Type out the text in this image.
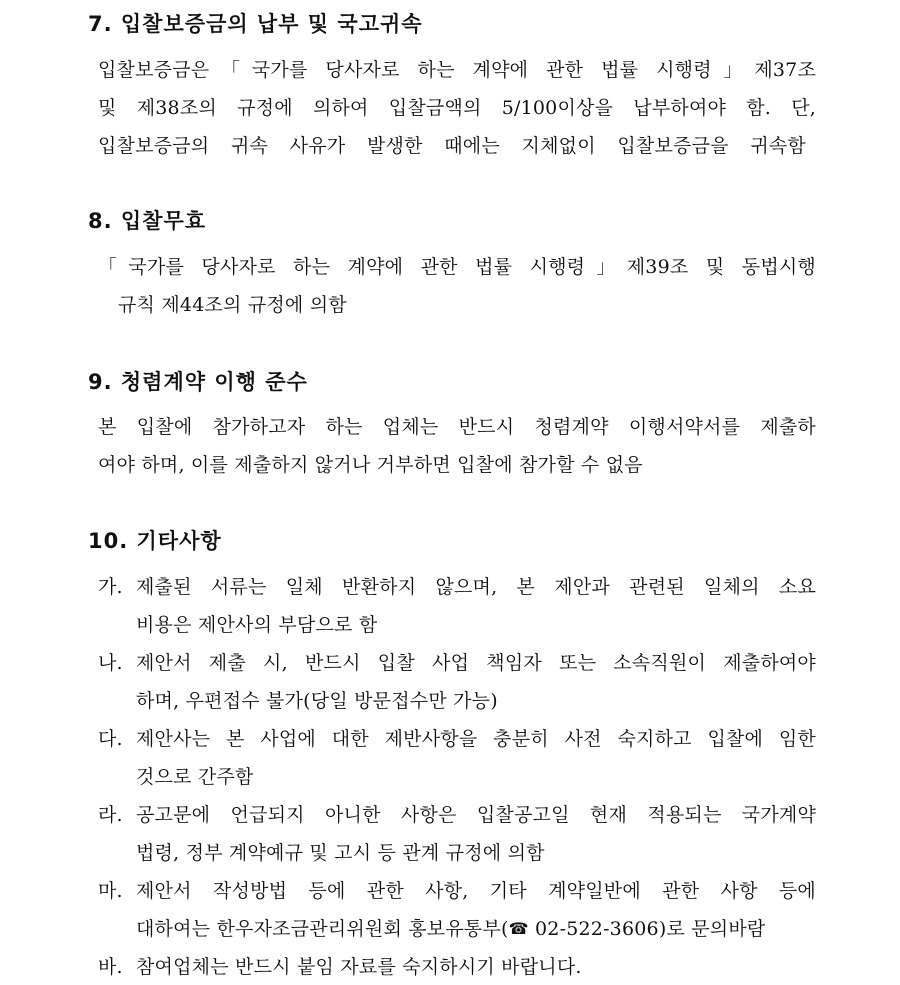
7. 입찰보증금의 납부 및 국고귀속
입찰보증금은「국가를 당사자로 하는 계약에 관한 법률 시행령」제37조
및 제38조의 규정에 의하여 입찰금액의 5/100이상을 납부하여야 함. 단,
입찰보증금의 귀속 사유가 발생한 때에는 지체없이 입찰보증금을 귀속함
8. 입찰무효
「국가를 당사자로 하는 계약에 관한 법률 시행령」제39조 및 동법시행
규칙 제44조의 규정에 의함
9. 청렴계약 이행 준수
본 입찰에 참가하고자 하는 업체는 반드시 청렴계약 이행서약서를 제출하
여야 하며, 이를 제출하지 않거나 거부하면 입찰에 참가할 수 없음
10. 기타사항
가. 제출된 서류는 일체 반환하지 않으며, 본 제안과 관련된 일체의 소요
비용은 제안사의 부담으로 함
나. 제안서 제출 시, 반드시 입찰 사업 책임자 또는 소속직원이 제출하여야
하며, 우편접수 불가(당일 방문접수만 가능)
다. 제안사는 본 사업에 대한 제반사항을 충분히 사전 숙지하고 입찰에 임한
것으로 간주함
라. 공고문에 언급되지 아니한 사항은 입찰공고일 현재 적용되는 국가계약
법령, 정부 계약예규 및 고시 등 관계 규정에 의함
마. 제안서 작성방법 등에 관한 사항, 기타 계약일반에 관한 사항 등에
대하여는 한우자조금관리위원회 홍보유통부(☎ 02-522-3606)로 문의바람
바. 참여업체는 반드시 붙임 자료를 숙지하시기 바랍니다.
